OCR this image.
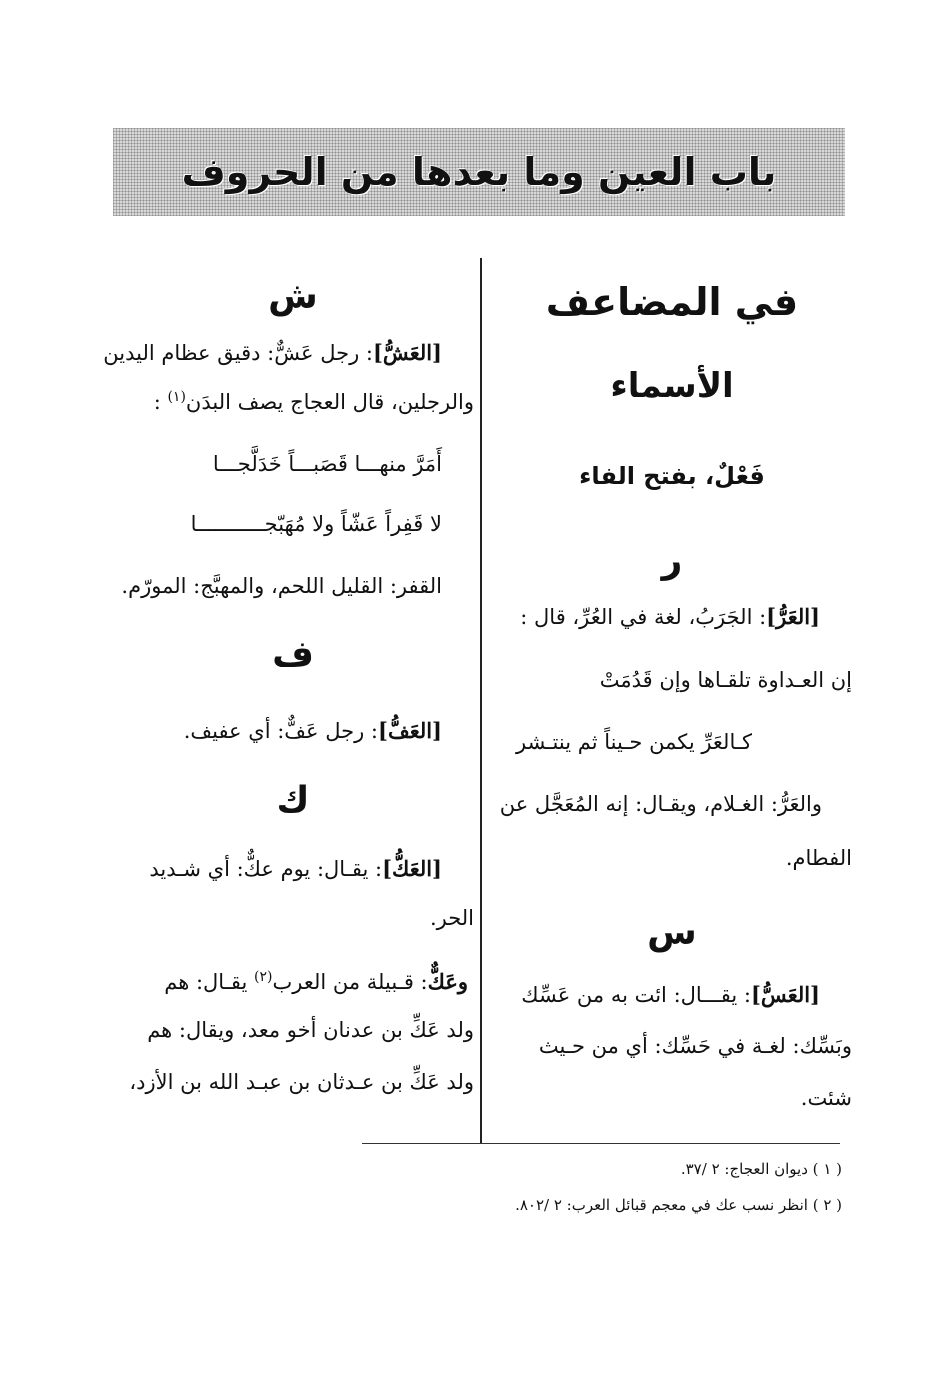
باب العين وما بعدها من الحروف
في المضاعف
الأسماء
فَعْلٌ، بفتح الفاء
ر
[العَرُّ]: الجَرَبُ، لغة في العُرِّ، قال :
إن العـداوة تلقـاها وإن قَدُمَتْ
كـالعَرِّ يكمن حـيناً ثم ينتـشر
والعَرُّ: الغـلام، ويقـال: إنه المُعَجَّل عن
الفطام.
س
[العَسُّ]: يقـــال: ائت به من عَسِّك
وبَسِّك: لغـة في حَسِّك: أي من حـيث
شئت.
ش
[العَشُّ]: رجل عَشٌّ: دقيق عظام اليدين
والرجلين، قال العجاج يصف البدَن$^{(١)}$ :
أَمَرَّ منهـــا قَصَبـــاً خَدَلَّجـــا
لا قَفِراً عَشّاً ولا مُهَبّجـــــــــــا
القفر: القليل اللحم، والمهبَّج: المورّم.
ف
[العَفُّ]: رجل عَفٌّ: أي عفيف.
ك
[العَكُّ]: يقـال: يوم عكٌّ: أي شـديد
الحر.
وعَكٌّ: قـبيلة من العرب$^{(٢)}$ يقـال: هم
ولد عَكِّ بن عدنان أخو معد، ويقال: هم
ولد عَكِّ بن عـدثان بن عبـد الله بن الأزد،
( ١ ) ديوان العجاج: ٢ /٣٧.
( ٢ ) انظر نسب عك في معجم قبائل العرب: ٢ /٨٠٢.
